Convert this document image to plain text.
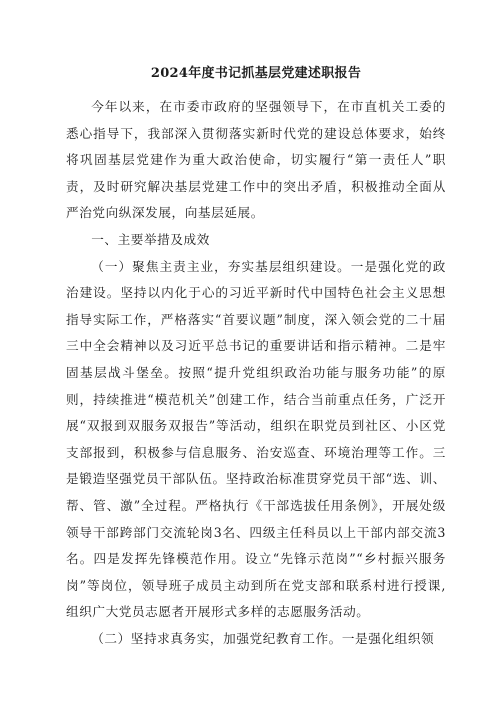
2024年度书记抓基层党建述职报告

今年以来，在市委市政府的坚强领导下，在市直机关工委的悉心指导下，我部深入贯彻落实新时代党的建设总体要求，始终将巩固基层党建作为重大政治使命，切实履行“第一责任人”职责，及时研究解决基层党建工作中的突出矛盾，积极推动全面从严治党向纵深发展，向基层延展。

一、主要举措及成效

（一）聚焦主责主业，夯实基层组织建设。一是强化党的政治建设。坚持以内化于心的习近平新时代中国特色社会主义思想指导实际工作，严格落实“首要议题”制度，深入领会党的二十届三中全会精神以及习近平总书记的重要讲话和指示精神。二是牢固基层战斗堡垒。按照“提升党组织政治功能与服务功能”的原则，持续推进“模范机关”创建工作，结合当前重点任务，广泛开展“双报到双服务双报告”等活动，组织在职党员到社区、小区党支部报到，积极参与信息服务、治安巡查、环境治理等工作。三是锻造坚强党员干部队伍。坚持政治标准贯穿党员干部“选、训、帮、管、激”全过程。严格执行《干部选拔任用条例》，开展处级领导干部跨部门交流轮岗3名、四级主任科员以上干部内部交流3名。四是发挥先锋模范作用。设立“先锋示范岗”“乡村振兴服务岗”等岗位，领导班子成员主动到所在党支部和联系村进行授课,组织广大党员志愿者开展形式多样的志愿服务活动。

（二）坚持求真务实，加强党纪教育工作。一是强化组织领
